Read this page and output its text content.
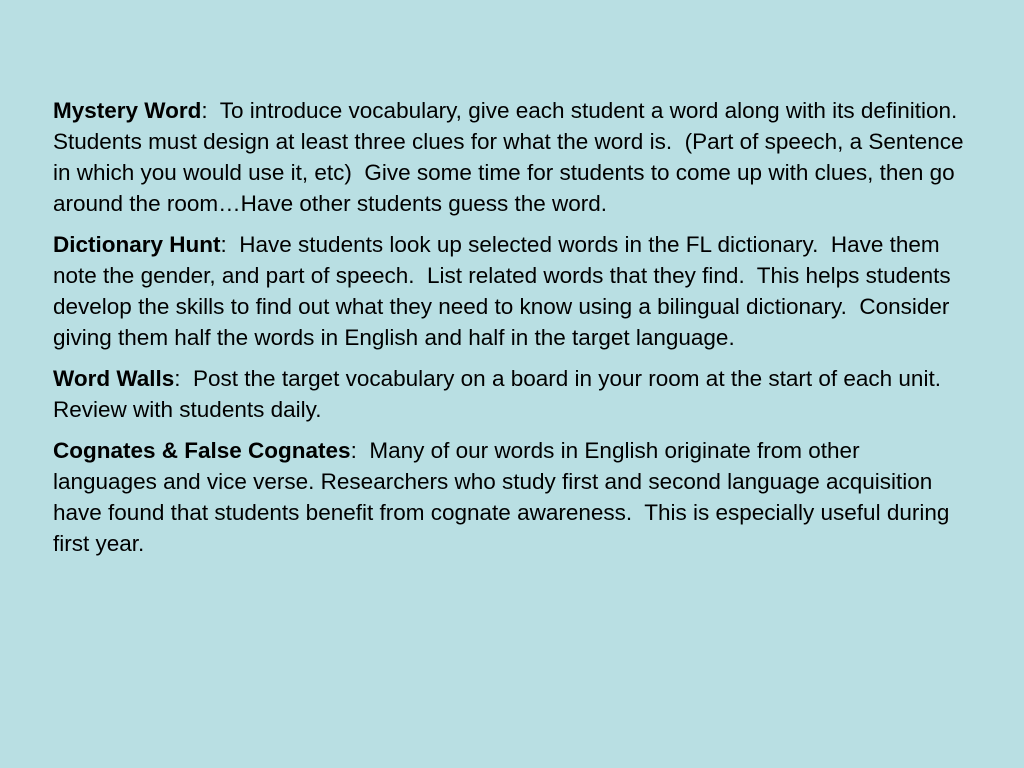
Mystery Word:  To introduce vocabulary, give each student a word along with its definition.  Students must design at least three clues for what the word is.  (Part of speech, a Sentence in which you would use it, etc)  Give some time for students to come up with clues, then go around the room…Have other students guess the word.

Dictionary Hunt:  Have students look up selected words in the FL dictionary.  Have them note the gender, and part of speech.  List related words that they find.  This helps students develop the skills to find out what they need to know using a bilingual dictionary.  Consider giving them half the words in English and half in the target language.

Word Walls:  Post the target vocabulary on a board in your room at the start of each unit.  Review with students daily.

Cognates & False Cognates:  Many of our words in English originate from other languages and vice verse. Researchers who study first and second language acquisition have found that students benefit from cognate awareness.  This is especially useful during first year.
